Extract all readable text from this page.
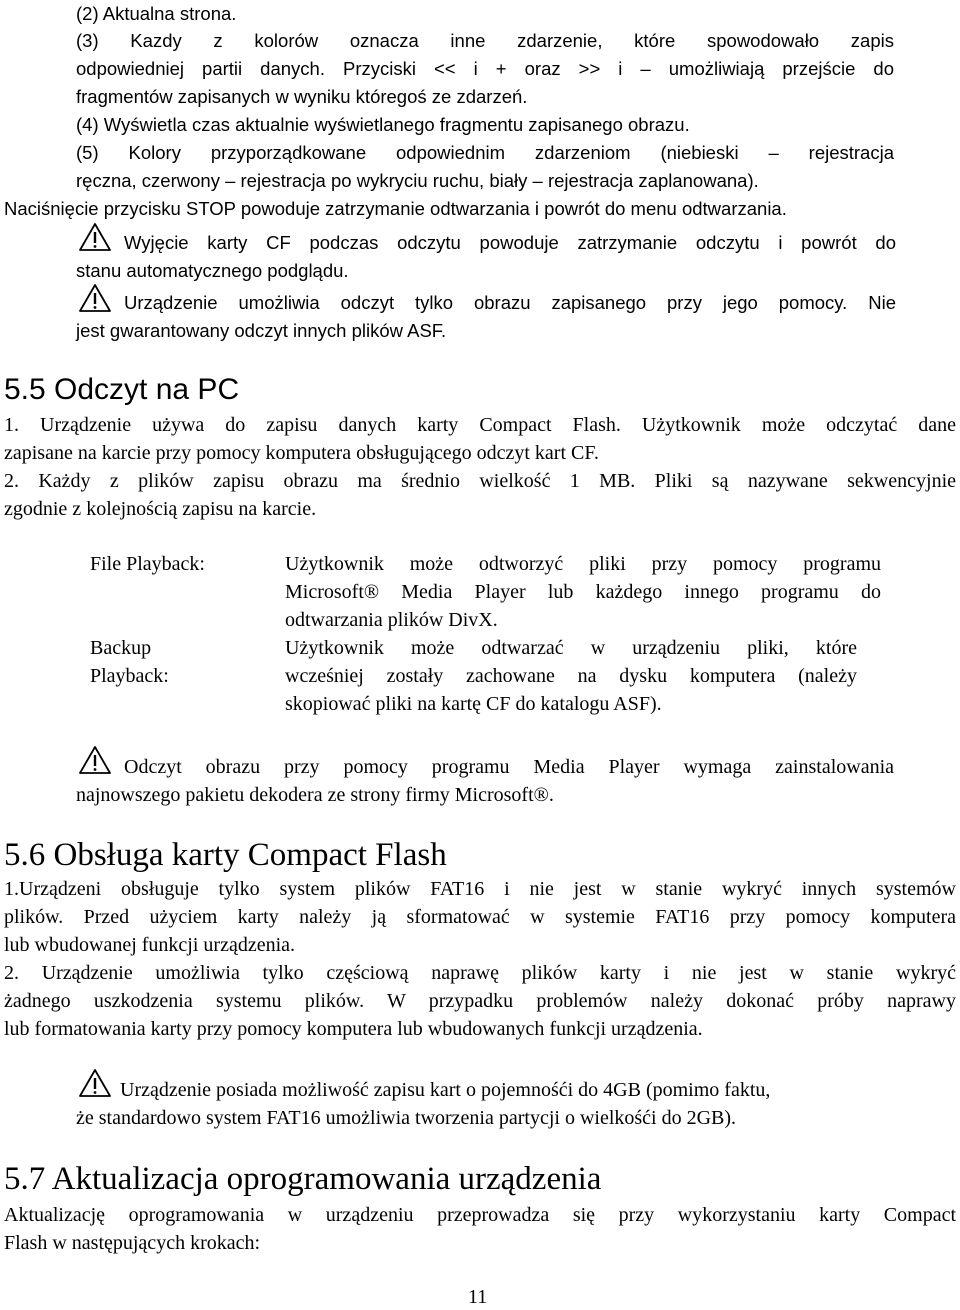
(2) Aktualna strona.
(3) Kazdy z kolorów oznacza inne zdarzenie, które spowodowało zapis
odpowiedniej partii danych. Przyciski << i + oraz >> i – umożliwiają przejście do
fragmentów zapisanych w wyniku któregoś ze zdarzeń.
(4) Wyświetla czas aktualnie wyświetlanego fragmentu zapisanego obrazu.
(5) Kolory przyporządkowane odpowiednim zdarzeniom (niebieski – rejestracja
ręczna, czerwony – rejestracja po wykryciu ruchu, biały – rejestracja zaplanowana).
Naciśnięcie przycisku STOP powoduje zatrzymanie odtwarzania i powrót do menu odtwarzania.
Wyjęcie karty CF podczas odczytu powoduje zatrzymanie odczytu i powrót do
stanu automatycznego podglądu.
Urządzenie umożliwia odczyt tylko obrazu zapisanego przy jego pomocy. Nie
jest gwarantowany odczyt innych plików ASF.
5.5 Odczyt na PC
1. Urządzenie używa do zapisu danych karty Compact Flash. Użytkownik może odczytać dane
zapisane na karcie przy pomocy komputera obsługującego odczyt kart CF.
2. Każdy z plików zapisu obrazu ma średnio wielkość 1 MB. Pliki są nazywane sekwencyjnie
zgodnie z kolejnością zapisu na karcie.
File Playback:	Użytkownik może odtworzyć pliki przy pomocy programu
Microsoft® Media Player lub każdego innego programu do
odtwarzania plików DivX.
Backup
Playback:
Użytkownik może odtwarzać w urządzeniu pliki, które
wcześniej zostały zachowane na dysku komputera (należy
skopiować pliki na kartę CF do katalogu ASF).
Odczyt obrazu przy pomocy programu Media Player wymaga zainstalowania
najnowszego pakietu dekodera ze strony firmy Microsoft®.
5.6 Obsługa karty Compact Flash
1.Urządzeni obsługuje tylko system plików FAT16 i nie jest w stanie wykryć innych systemów
plików. Przed użyciem karty należy ją sformatować w systemie FAT16 przy pomocy komputera
lub wbudowanej funkcji urządzenia.
2. Urządzenie umożliwia tylko częściową naprawę plików karty i nie jest w stanie wykryć
żadnego uszkodzenia systemu plików. W przypadku problemów należy dokonać próby naprawy
lub formatowania karty przy pomocy komputera lub wbudowanych funkcji urządzenia.
Urządzenie posiada możliwość zapisu kart o pojemnośći do 4GB (pomimo faktu,
że standardowo system FAT16 umożliwia tworzenia partycji o wielkośći do 2GB).
5.7 Aktualizacja oprogramowania urządzenia
Aktualizację oprogramowania w urządzeniu przeprowadza się przy wykorzystaniu karty Compact
Flash w następujących krokach:
11
